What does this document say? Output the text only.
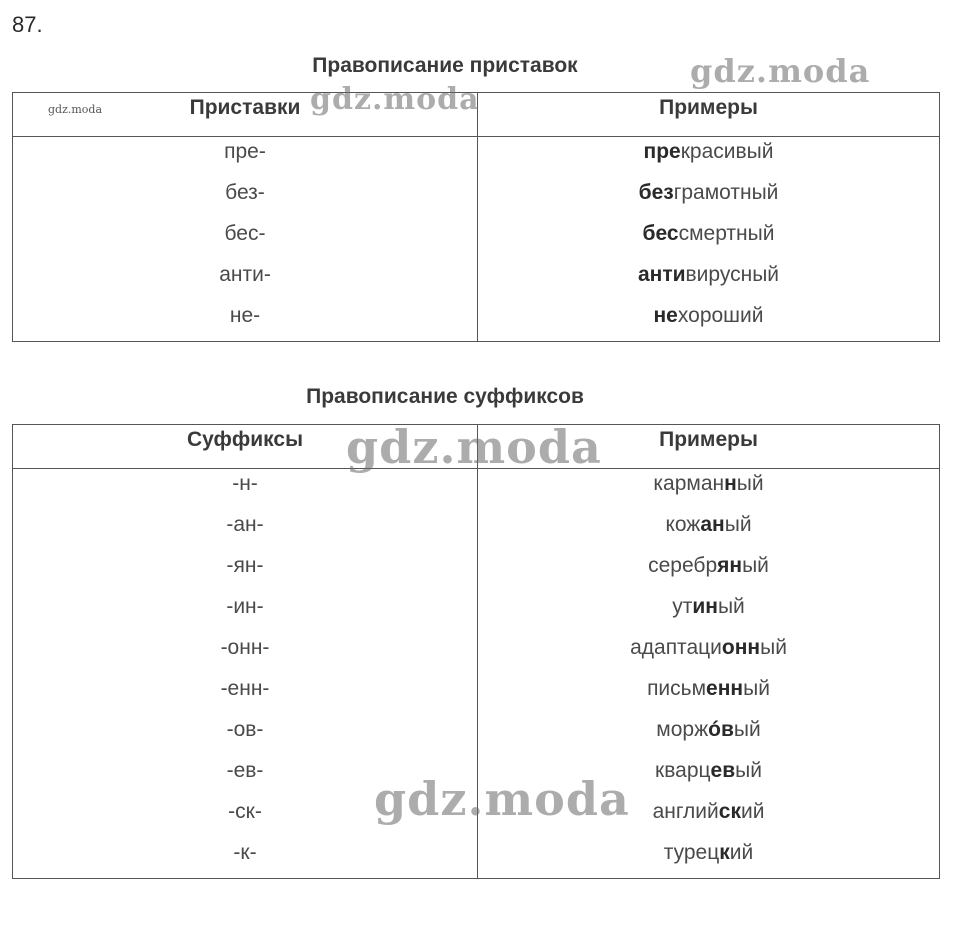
87.
Правописание приставок
Приставки	Примеры
пре-	прекрасивый
без-	безграмотный
бес-	бессмертный
анти-	антивирусный
не-	нехороший
Правописание суффиксов
Суффиксы	Примеры
-н-	карманный
-ан-	кожаный
-ян-	серебряный
-ин-	утиный
-онн-	адаптационный
-енн-	письменный
-ов-	моржóвый
-ев-	кварцевый
-ск-	английский
-к-	турецкий
gdz.moda
gdz.moda
gdz.moda
gdz.moda
gdz.moda
